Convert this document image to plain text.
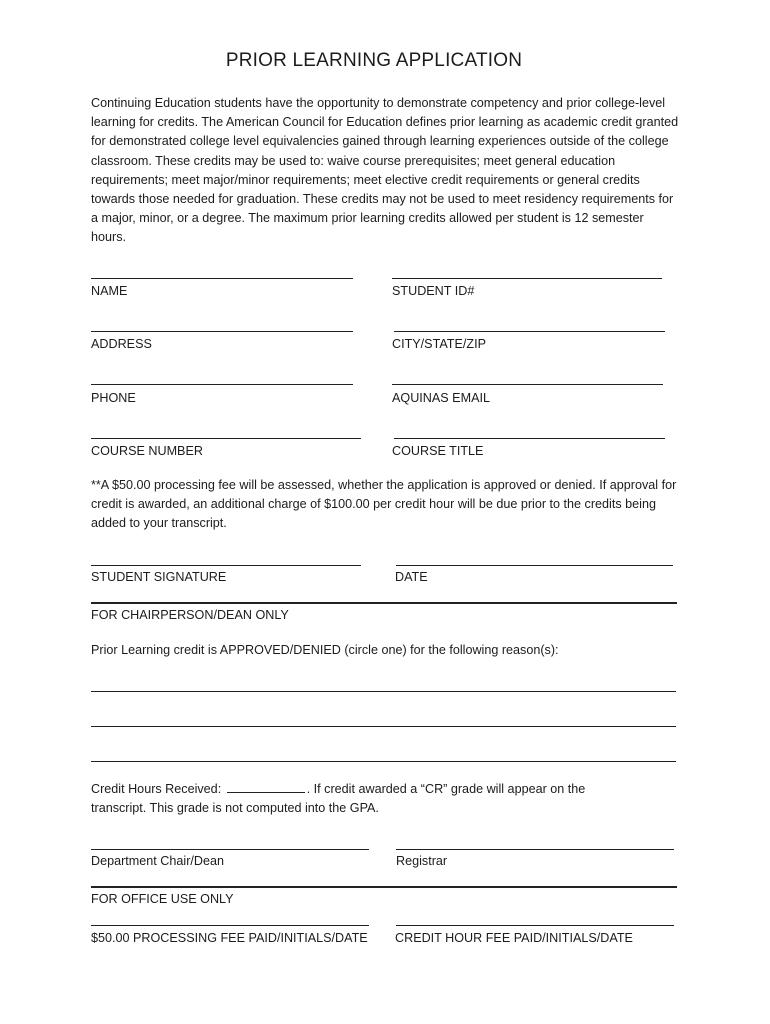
PRIOR LEARNING APPLICATION
Continuing Education students have the opportunity to demonstrate competency and prior college-level learning for credits. The American Council for Education defines prior learning as academic credit granted for demonstrated college level equivalencies gained through learning experiences outside of the college classroom. These credits may be used to: waive course prerequisites; meet general education requirements; meet major/minor requirements; meet elective credit requirements or general credits towards those needed for graduation. These credits may not be used to meet residency requirements for a major, minor, or a degree. The maximum prior learning credits allowed per student is 12 semester hours.
NAME	STUDENT ID#
ADDRESS	CITY/STATE/ZIP
PHONE	AQUINAS EMAIL
COURSE NUMBER	COURSE TITLE
**A $50.00 processing fee will be assessed, whether the application is approved or denied. If approval for credit is awarded, an additional charge of $100.00 per credit hour will be due prior to the credits being added to your transcript.
STUDENT SIGNATURE	DATE
FOR CHAIRPERSON/DEAN ONLY
Prior Learning credit is APPROVED/DENIED (circle one) for the following reason(s):
Credit Hours Received:	. If credit awarded a “CR” grade will appear on the
transcript. This grade is not computed into the GPA.
Department Chair/Dean	Registrar
FOR OFFICE USE ONLY
$50.00 PROCESSING FEE PAID/INITIALS/DATE CREDIT HOUR FEE PAID/INITIALS/DATE
